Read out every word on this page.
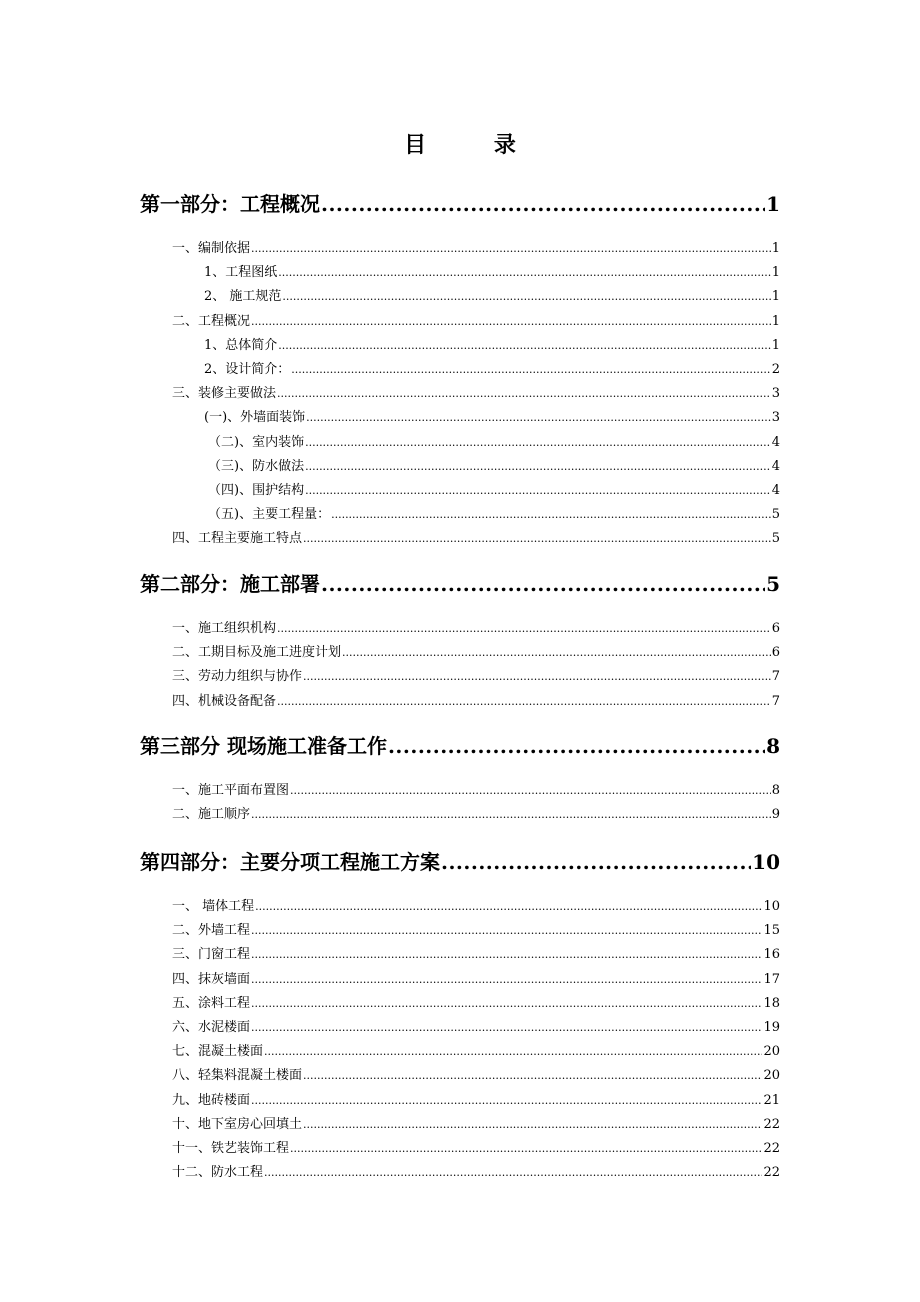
目 录
第一部分：工程概况 .....	1
一、编制依据 .....	1
1、工程图纸 .....	1
2、 施工规范 .....	1
二、工程概况 .....	1
1、总体简介 .....	1
2、设计简介： .....	2
三、装修主要做法 .....	3
(一)、外墙面装饰 .....	3
（二)、室内装饰 .....	4
（三)、防水做法 .....	4
（四)、围护结构 .....	4
（五)、主要工程量： .....	5
四、工程主要施工特点 .....	5
第二部分：施工部署 .....	5
一、施工组织机构 .....	6
二、工期目标及施工进度计划 .....	6
三、劳动力组织与协作 .....	7
四、机械设备配备 .....	7
第三部分 现场施工准备工作 .....	8
一、施工平面布置图 .....	8
二、施工顺序 .....	9
第四部分：主要分项工程施工方案 .....	10
一、 墙体工程 .....	10
二、外墙工程 .....	15
三、门窗工程 .....	16
四、抹灰墙面 .....	17
五、涂料工程 .....	18
六、水泥楼面 .....	19
七、混凝土楼面 .....	20
八、轻集料混凝土楼面 .....	20
九、地砖楼面 .....	21
十、地下室房心回填土 .....	22
十一、铁艺装饰工程 .....	22
十二、防水工程 .....	22
